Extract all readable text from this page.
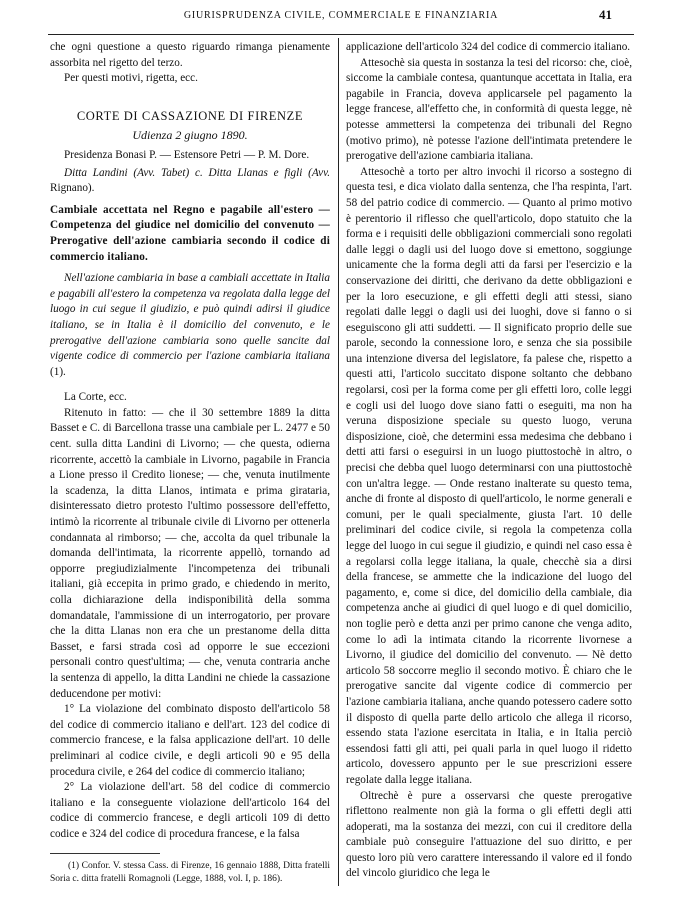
GIURISPRUDENZA CIVILE, COMMERCIALE E FINANZIARIA	41

che ogni questione a questo riguardo rimanga pienamente assorbita nel rigetto del terzo.

Per questi motivi, rigetta, ecc.

CORTE DI CASSAZIONE DI FIRENZE
Udienza 2 giugno 1890.

Presidenza Bonasi P. — Estensore Petri — P. M. Dore.

Ditta Landini (Avv. Tabet) c. Ditta Llanas e figli (Avv. Rignano).

Cambiale accettata nel Regno e pagabile all'estero — Competenza del giudice nel domicilio del convenuto — Prerogative dell'azione cambiaria secondo il codice di commercio italiano.

Nell'azione cambiaria in base a cambiali accettate in Italia e pagabili all'estero la competenza va regolata dalla legge del luogo in cui segue il giudizio, e può quindi adirsi il giudice italiano, se in Italia è il domicilio del convenuto, e le prerogative dell'azione cambiaria sono quelle sancite dal vigente codice di commercio per l'azione cambiaria italiana (1).

La Corte, ecc.

Ritenuto in fatto: — che il 30 settembre 1889 la ditta Basset e C. di Barcellona trasse una cambiale per L. 2477 e 50 cent. sulla ditta Landini di Livorno; — che questa, odierna ricorrente, accettò la cambiale in Livorno, pagabile in Francia a Lione presso il Credito lionese; — che, venuta inutilmente la scadenza, la ditta Llanos, intimata e prima girataria, disinteressato dietro protesto l'ultimo possessore dell'effetto, intimò la ricorrente al tribunale civile di Livorno per ottenerla condannata al rimborso; — che, accolta da quel tribunale la domanda dell'intimata, la ricorrente appellò, tornando ad opporre pregiudizialmente l'incompetenza dei tribunali italiani, già eccepita in primo grado, e chiedendo in merito, colla dichiarazione della indisponibilità della somma domandatale, l'ammissione di un interrogatorio, per provare che la ditta Llanas non era che un prestanome della ditta Basset, e farsi strada così ad opporre le sue eccezioni personali contro quest'ultima; — che, venuta contraria anche la sentenza di appello, la ditta Landini ne chiede la cassazione deducendone per motivi:

1° La violazione del combinato disposto dell'articolo 58 del codice di commercio italiano e dell'art. 123 del codice di commercio francese, e la falsa applicazione dell'art. 10 delle preliminari al codice civile, e degli articoli 90 e 95 della procedura civile, e 264 del codice di commercio italiano;

2° La violazione dell'art. 58 del codice di commercio italiano e la conseguente violazione dell'articolo 164 del codice di commercio francese, e degli articoli 109 di detto codice e 324 del codice di procedura francese, e la falsa

(1) Confor. V. stessa Cass. di Firenze, 16 gennaio 1888, Ditta fratelli Soria c. ditta fratelli Romagnoli (Legge, 1888, vol. I, p. 186).

applicazione dell'articolo 324 del codice di commercio italiano.

Attesochè sia questa in sostanza la tesi del ricorso: che, cioè, siccome la cambiale contesa, quantunque accettata in Italia, era pagabile in Francia, doveva applicarsele pel pagamento la legge francese, all'effetto che, in conformità di questa legge, nè potesse ammettersi la competenza dei tribunali del Regno (motivo primo), nè potesse l'azione dell'intimata pretendere le prerogative dell'azione cambiaria italiana.

Attesochè a torto per altro invochi il ricorso a sostegno di questa tesi, e dica violato dalla sentenza, che l'ha respinta, l'art. 58 del patrio codice di commercio. — Quanto al primo motivo è perentorio il riflesso che quell'articolo, dopo statuito che la forma e i requisiti delle obbligazioni commerciali sono regolati dalle leggi o dagli usi del luogo dove si emettono, soggiunge unicamente che la forma degli atti da farsi per l'esercizio e la conservazione dei diritti, che derivano da dette obbligazioni e per la loro esecuzione, e gli effetti degli atti stessi, siano regolati dalle leggi o dagli usi dei luoghi, dove si fanno o si eseguiscono gli atti suddetti. — Il significato proprio delle sue parole, secondo la connessione loro, e senza che sia possibile una intenzione diversa del legislatore, fa palese che, rispetto a questi atti, l'articolo succitato dispone soltanto che debbano regolarsi, così per la forma come per gli effetti loro, colle leggi e cogli usi del luogo dove siano fatti o eseguiti, ma non ha veruna disposizione speciale su questo luogo, veruna disposizione, cioè, che determini essa medesima che debbano i detti atti farsi o eseguirsi in un luogo piuttostochè in altro, o precisi che debba quel luogo determinarsi con una piuttostochè con un'altra legge. — Onde restano inalterate su questo tema, anche di fronte al disposto di quell'articolo, le norme generali e comuni, per le quali specialmente, giusta l'art. 10 delle preliminari del codice civile, si regola la competenza colla legge del luogo in cui segue il giudizio, e quindi nel caso essa è a regolarsi colla legge italiana, la quale, checchè sia a dirsi della francese, se ammette che la indicazione del luogo del pagamento, e, come si dice, del domicilio della cambiale, dia competenza anche ai giudici di quel luogo e di quel domicilio, non toglie però e detta anzi per primo canone che venga adito, come lo adì la intimata citando la ricorrente livornese a Livorno, il giudice del domicilio del convenuto. — Nè detto articolo 58 soccorre meglio il secondo motivo. È chiaro che le prerogative sancite dal vigente codice di commercio per l'azione cambiaria italiana, anche quando potessero cadere sotto il disposto di quella parte dello articolo che allega il ricorso, essendo stata l'azione esercitata in Italia, e in Italia perciò essendosi fatti gli atti, pei quali parla in quel luogo il ridetto articolo, dovessero appunto per le sue prescrizioni essere regolate dalla legge italiana.

Oltrechè è pure a osservarsi che queste prerogative riflettono realmente non già la forma o gli effetti degli atti adoperati, ma la sostanza dei mezzi, con cui il creditore della cambiale può conseguire l'attuazione del suo diritto, e per questo loro più vero carattere interessando il valore ed il fondo del vincolo giuridico che lega le
